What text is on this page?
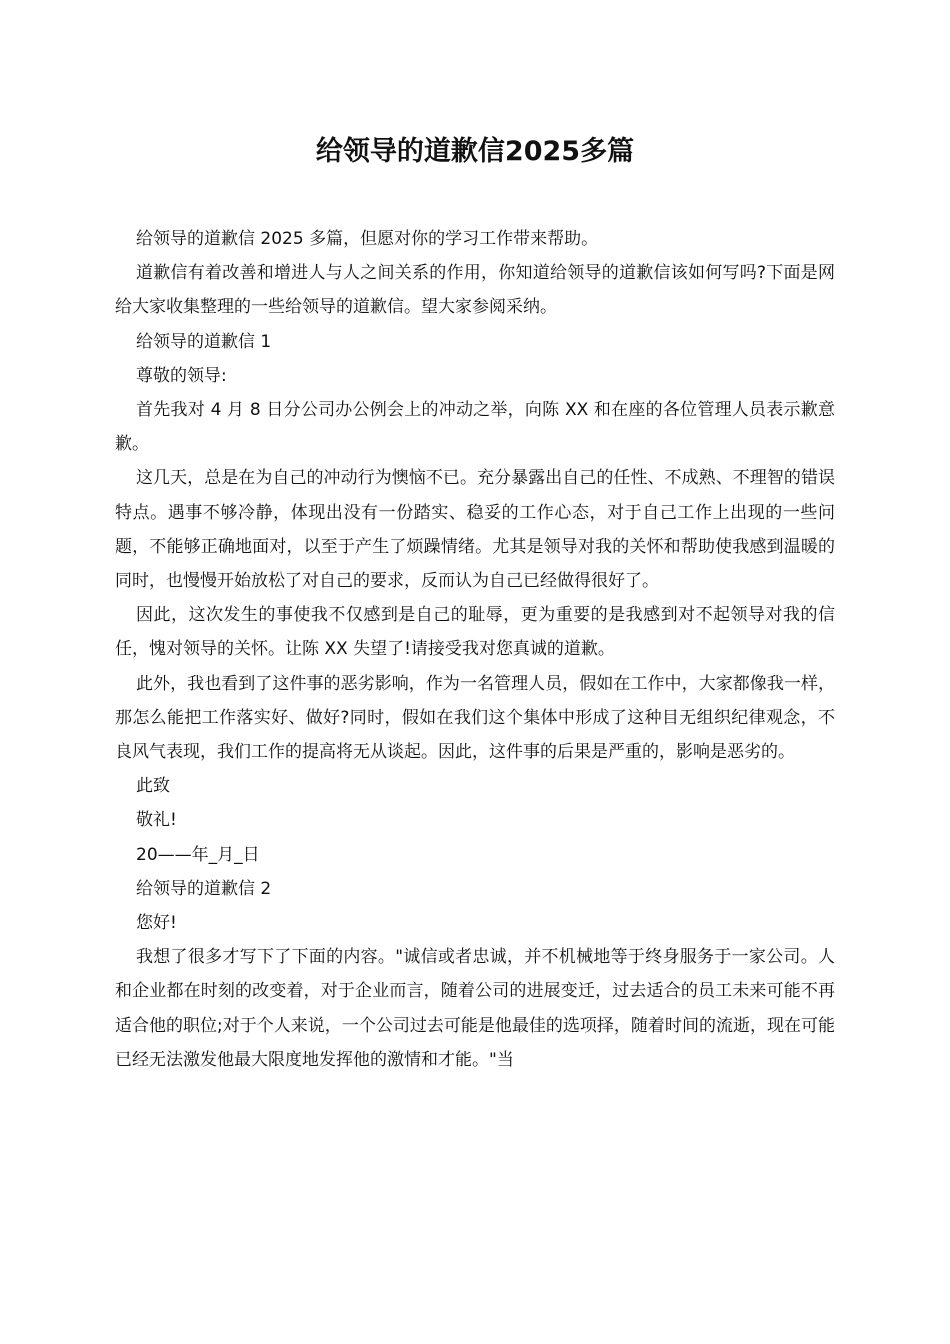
给领导的道歉信2025多篇

给领导的道歉信 2025 多篇，但愿对你的学习工作带来帮助。

道歉信有着改善和增进人与人之间关系的作用，你知道给领导的道歉信该如何写吗?下面是网给大家收集整理的一些给领导的道歉信。望大家参阅采纳。

给领导的道歉信 1

尊敬的领导:

首先我对 4 月 8 日分公司办公例会上的冲动之举，向陈 XX 和在座的各位管理人员表示歉意歉。

这几天，总是在为自己的冲动行为懊恼不已。充分暴露出自己的任性、不成熟、不理智的错误特点。遇事不够冷静，体现出没有一份踏实、稳妥的工作心态，对于自己工作上出现的一些问题，不能够正确地面对，以至于产生了烦躁情绪。尤其是领导对我的关怀和帮助使我感到温暖的同时，也慢慢开始放松了对自己的要求，反而认为自己已经做得很好了。

因此，这次发生的事使我不仅感到是自己的耻辱，更为重要的是我感到对不起领导对我的信任，愧对领导的关怀。让陈 XX 失望了!请接受我对您真诚的道歉。

此外，我也看到了这件事的恶劣影响，作为一名管理人员，假如在工作中，大家都像我一样，那怎么能把工作落实好、做好?同时，假如在我们这个集体中形成了这种目无组织纪律观念，不良风气表现，我们工作的提高将无从谈起。因此，这件事的后果是严重的，影响是恶劣的。

此致

敬礼!

20——年_月_日

给领导的道歉信 2

您好!

我想了很多才写下了下面的内容。"诚信或者忠诚，并不机械地等于终身服务于一家公司。人和企业都在时刻的改变着，对于企业而言，随着公司的进展变迁，过去适合的员工未来可能不再适合他的职位;对于个人来说，一个公司过去可能是他最佳的选项择，随着时间的流逝，现在可能已经无法激发他最大限度地发挥他的激情和才能。"当
